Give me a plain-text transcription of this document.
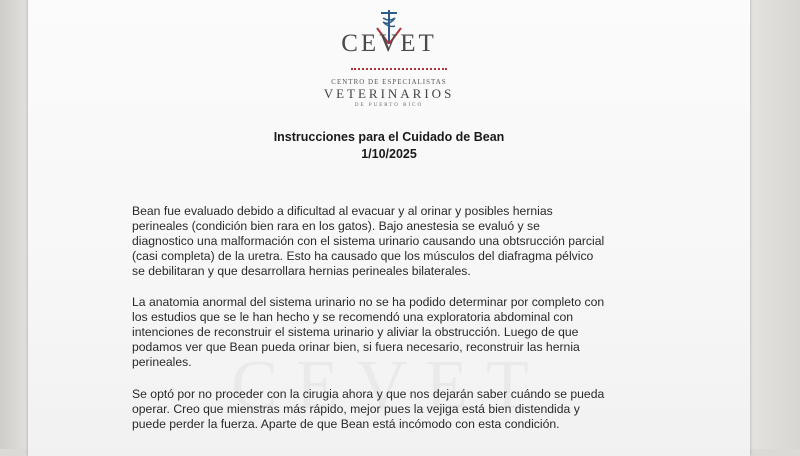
CEVET
CENTRO DE ESPECIALISTAS
VETERINARIOS
DE PUERTO RICO
Instrucciones para el Cuidado de Bean
1/10/2025
Bean fue evaluado debido a dificultad al evacuar y al orinar y posibles hernias
perineales (condición bien rara en los gatos). Bajo anestesia se evaluó y se
diagnostico una malformación con el sistema urinario causando una obtsrucción parcial
(casi completa) de la uretra. Esto ha causado que los músculos del diafragma pélvico
se debilitaran y que desarrollara hernias perineales bilaterales.
La anatomia anormal del sistema urinario no se ha podido determinar por completo con
los estudios que se le han hecho y se recomendó una exploratoria abdominal con
intenciones de reconstruir el sistema urinario y aliviar la obstrucción. Luego de que
podamos ver que Bean pueda orinar bien, si fuera necesario, reconstruir las hernia
perineales.
Se optó por no proceder con la cirugia ahora y que nos dejarán saber cuándo se pueda
operar. Creo que mienstras más rápido, mejor pues la vejiga está bien distendida y
puede perder la fuerza. Aparte de que Bean está incómodo con esta condición.
